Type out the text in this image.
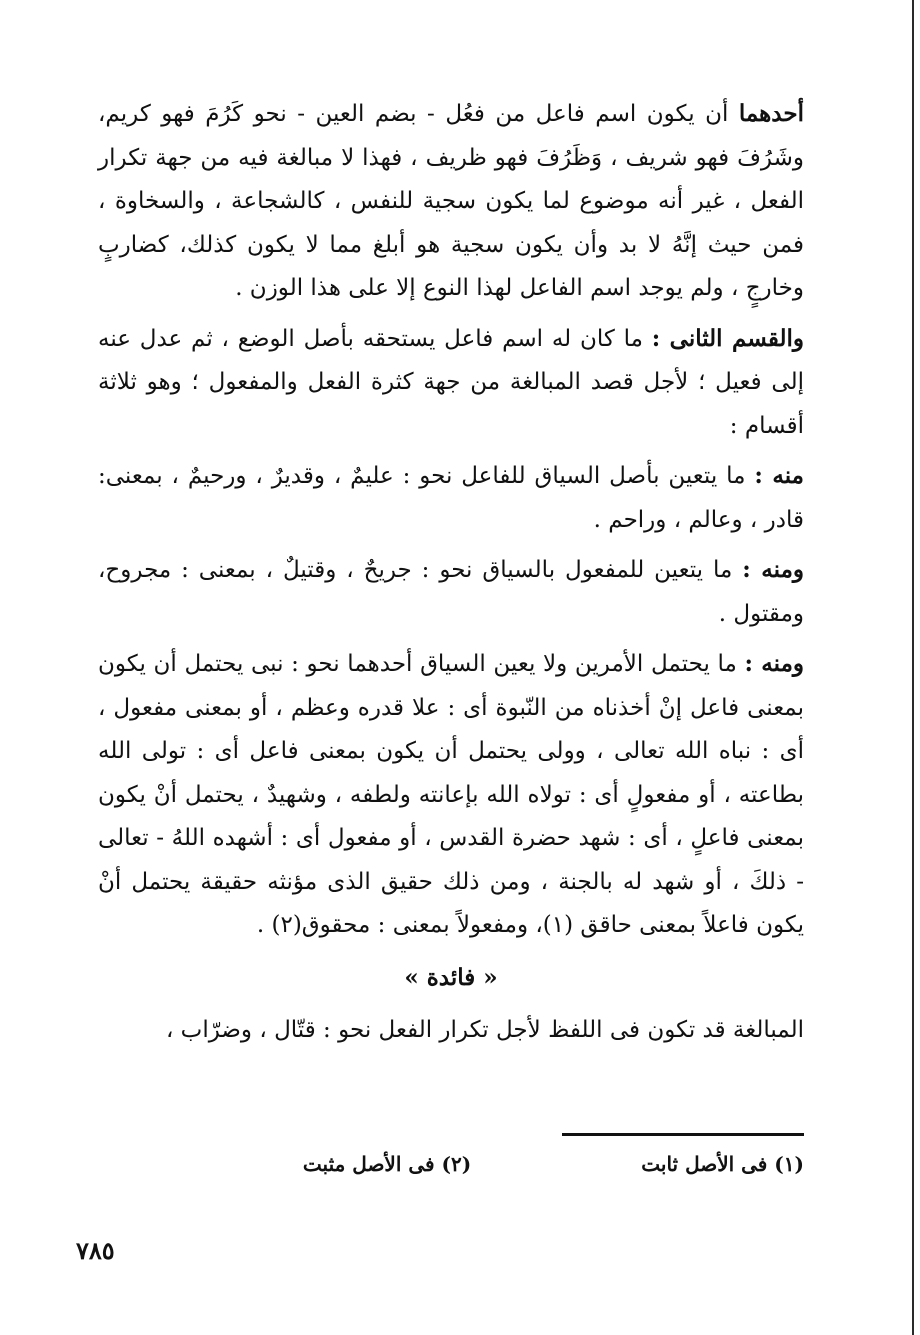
أحدهما أن يكون اسم فاعل من فعُل - بضم العين - نحو كَرُمَ فهو كريم، وشَرُفَ فهو شريف ، وَظَرُفَ فهو ظريف ، فهذا لا مبالغة فيه من جهة تكرار الفعل ، غير أنه موضوع لما يكون سجية للنفس ، كالشجاعة ، والسخاوة ، فمن حيث إنَّهُ لا بد وأن يكون سجية هو أبلغ مما لا يكون كذلك، كضاربٍ وخارجٍ ، ولم يوجد اسم الفاعل لهذا النوع إلا على هذا الوزن .

والقسم الثانى : ما كان له اسم فاعل يستحقه بأصل الوضع ، ثم عدل عنه إلى فعيل ؛ لأجل قصد المبالغة من جهة كثرة الفعل والمفعول ؛ وهو ثلاثة أقسام :

منه : ما يتعين بأصل السياق للفاعل نحو : عليمٌ ، وقديرٌ ، ورحيمٌ ، بمعنى: قادر ، وعالم ، وراحم .

ومنه : ما يتعين للمفعول بالسياق نحو : جريحٌ ، وقتيلٌ ، بمعنى : مجروح، ومقتول .

ومنه : ما يحتمل الأمرين ولا يعين السياق أحدهما نحو : نبى يحتمل أن يكون بمعنى فاعل إنْ أخذناه من النّبوة أى : علا قدره وعظم ، أو بمعنى مفعول ، أى : نباه الله تعالى ، وولى يحتمل أن يكون بمعنى فاعل أى : تولى الله بطاعته ، أو مفعولٍ أى : تولاه الله بإعانته ولطفه ، وشهيدٌ ، يحتمل أنْ يكون بمعنى فاعلٍ ، أى : شهد حضرة القدس ، أو مفعول أى : أشهده اللهُ - تعالى - ذلكَ ، أو شهد له بالجنة ، ومن ذلك حقيق الذى مؤنثه حقيقة يحتمل أنْ يكون فاعلاً بمعنى حاقق (١)، ومفعولاً بمعنى : محقوق(٢) .

« فائدة »

المبالغة قد تكون فى اللفظ لأجل تكرار الفعل نحو : قتّال ، وضرّاب ،

(١) فى الأصل ثابت
(٢) فى الأصل مثبت
٧٨٥
